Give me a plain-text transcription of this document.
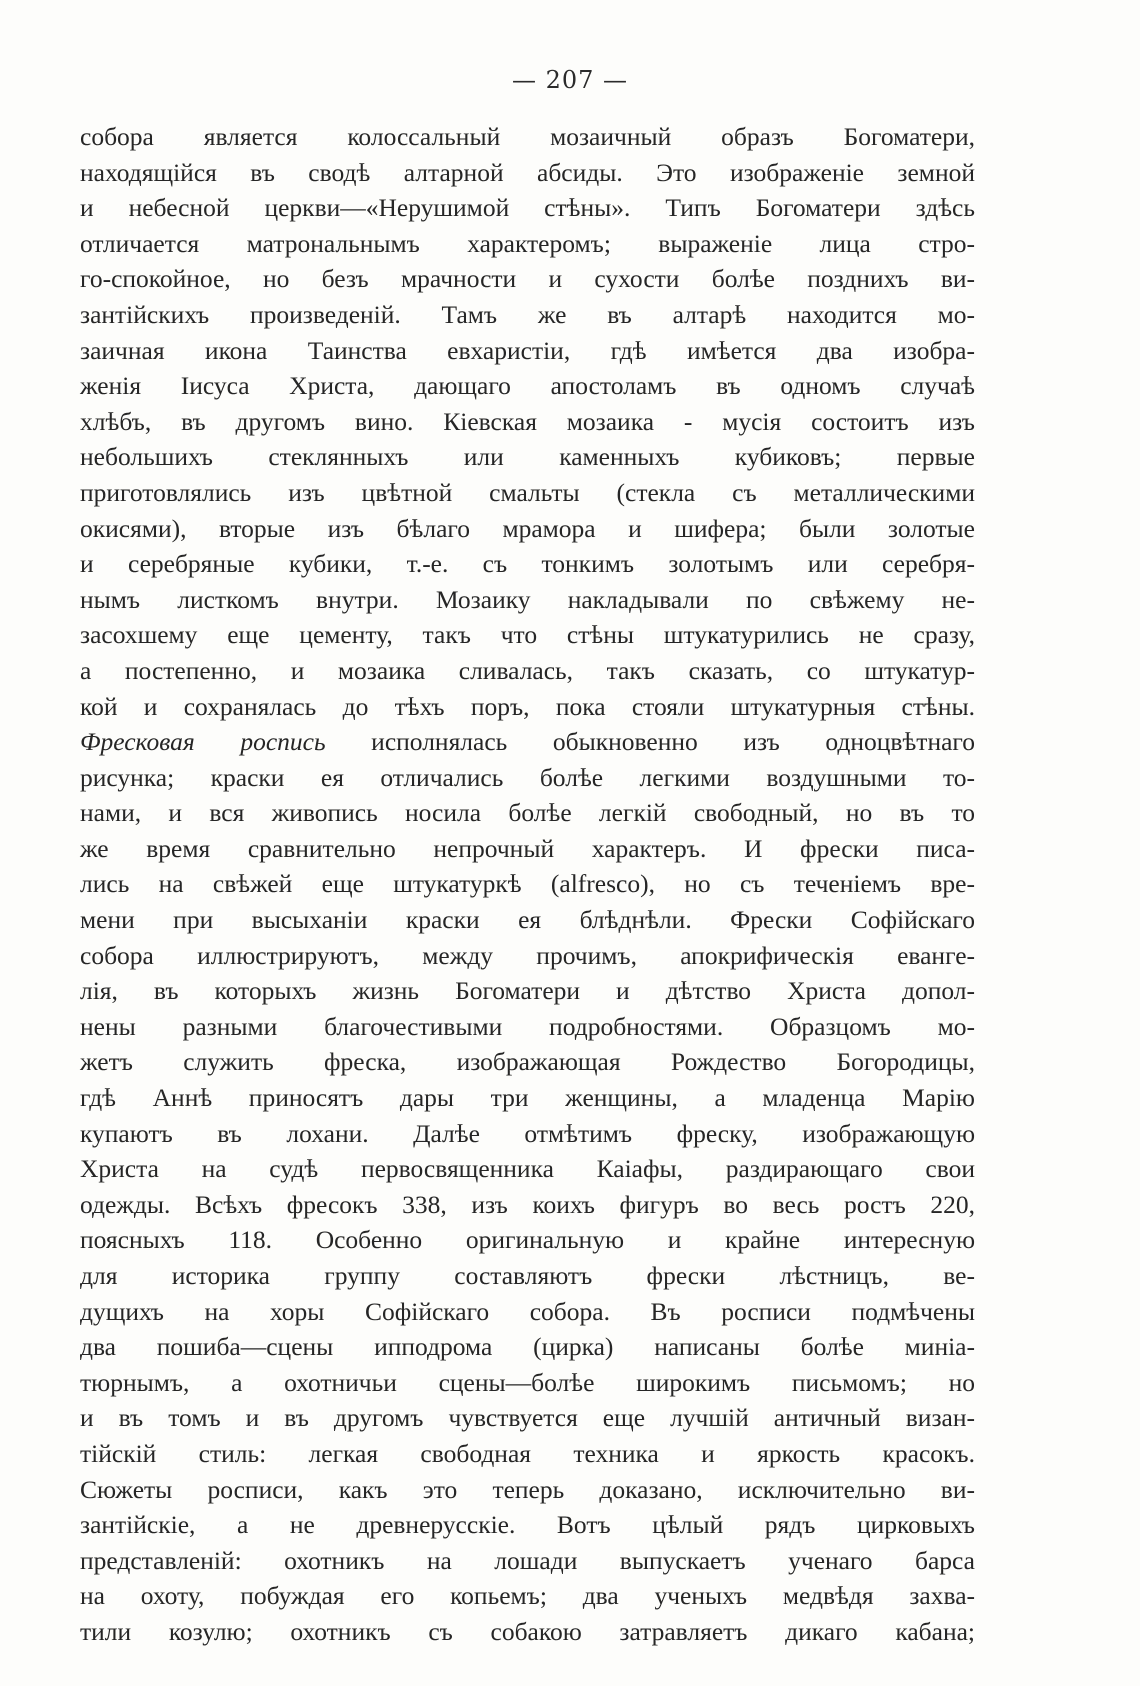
— 207 —
собора является колоссальный мозаичный образъ Богоматери,
находящійся въ сводѣ алтарной абсиды. Это изображеніе земной
и небесной церкви—«Нерушимой стѣны». Типъ Богоматери здѣсь
отличается матрональнымъ характеромъ; выраженіе лица стро-
го-спокойное, но безъ мрачности и сухости болѣе позднихъ ви-
зантійскихъ произведеній. Тамъ же въ алтарѣ находится мо-
заичная икона Таинства евхаристіи, гдѣ имѣется два изобра-
женія Іисуса Христа, дающаго апостоламъ въ одномъ случаѣ
хлѣбъ, въ другомъ вино. Кіевская мозаика - мусія состоитъ изъ
небольшихъ стеклянныхъ или каменныхъ кубиковъ; первые
приготовлялись изъ цвѣтной смальты (стекла съ металлическими
окисями), вторые изъ бѣлаго мрамора и шифера; были золотые
и серебряные кубики, т.-е. съ тонкимъ золотымъ или серебря-
нымъ листкомъ внутри. Мозаику накладывали по свѣжему не-
засохшему еще цементу, такъ что стѣны штукатурились не сразу,
а постепенно, и мозаика сливалась, такъ сказать, со штукатур-
кой и сохранялась до тѣхъ поръ, пока стояли штукатурныя стѣны.
Фресковая роспись исполнялась обыкновенно изъ одноцвѣтнаго
рисунка; краски ея отличались болѣе легкими воздушными то-
нами, и вся живопись носила болѣе легкій свободный, но въ то
же время сравнительно непрочный характеръ. И фрески писа-
лись на свѣжей еще штукатуркѣ (alfresco), но съ теченіемъ вре-
мени при высыханіи краски ея блѣднѣли. Фрески Софійскаго
собора иллюстрируютъ, между прочимъ, апокрифическія еванге-
лія, въ которыхъ жизнь Богоматери и дѣтство Христа допол-
нены разными благочестивыми подробностями. Образцомъ мо-
жетъ служить фреска, изображающая Рождество Богородицы,
гдѣ Аннѣ приносятъ дары три женщины, а младенца Марію
купаютъ въ лохани. Далѣе отмѣтимъ фреску, изображающую
Христа на судѣ первосвященника Каіафы, раздирающаго свои
одежды. Всѣхъ фресокъ 338, изъ коихъ фигуръ во весь ростъ 220,
поясныхъ 118. Особенно оригинальную и крайне интересную
для историка группу составляютъ фрески лѣстницъ, ве-
дущихъ на хоры Софійскаго собора. Въ росписи подмѣчены
два пошиба—сцены ипподрома (цирка) написаны болѣе миніа-
тюрнымъ, а охотничьи сцены—болѣе широкимъ письмомъ; но
и въ томъ и въ другомъ чувствуется еще лучшій античный визан-
тійскій стиль: легкая свободная техника и яркость красокъ.
Сюжеты росписи, какъ это теперь доказано, исключительно ви-
зантійскіе, а не древнерусскіе. Вотъ цѣлый рядъ цирковыхъ
представленій: охотникъ на лошади выпускаетъ ученаго барса
на охоту, побуждая его копьемъ; два ученыхъ медвѣдя захва-
тили козулю; охотникъ съ собакою затравляетъ дикаго кабана;
